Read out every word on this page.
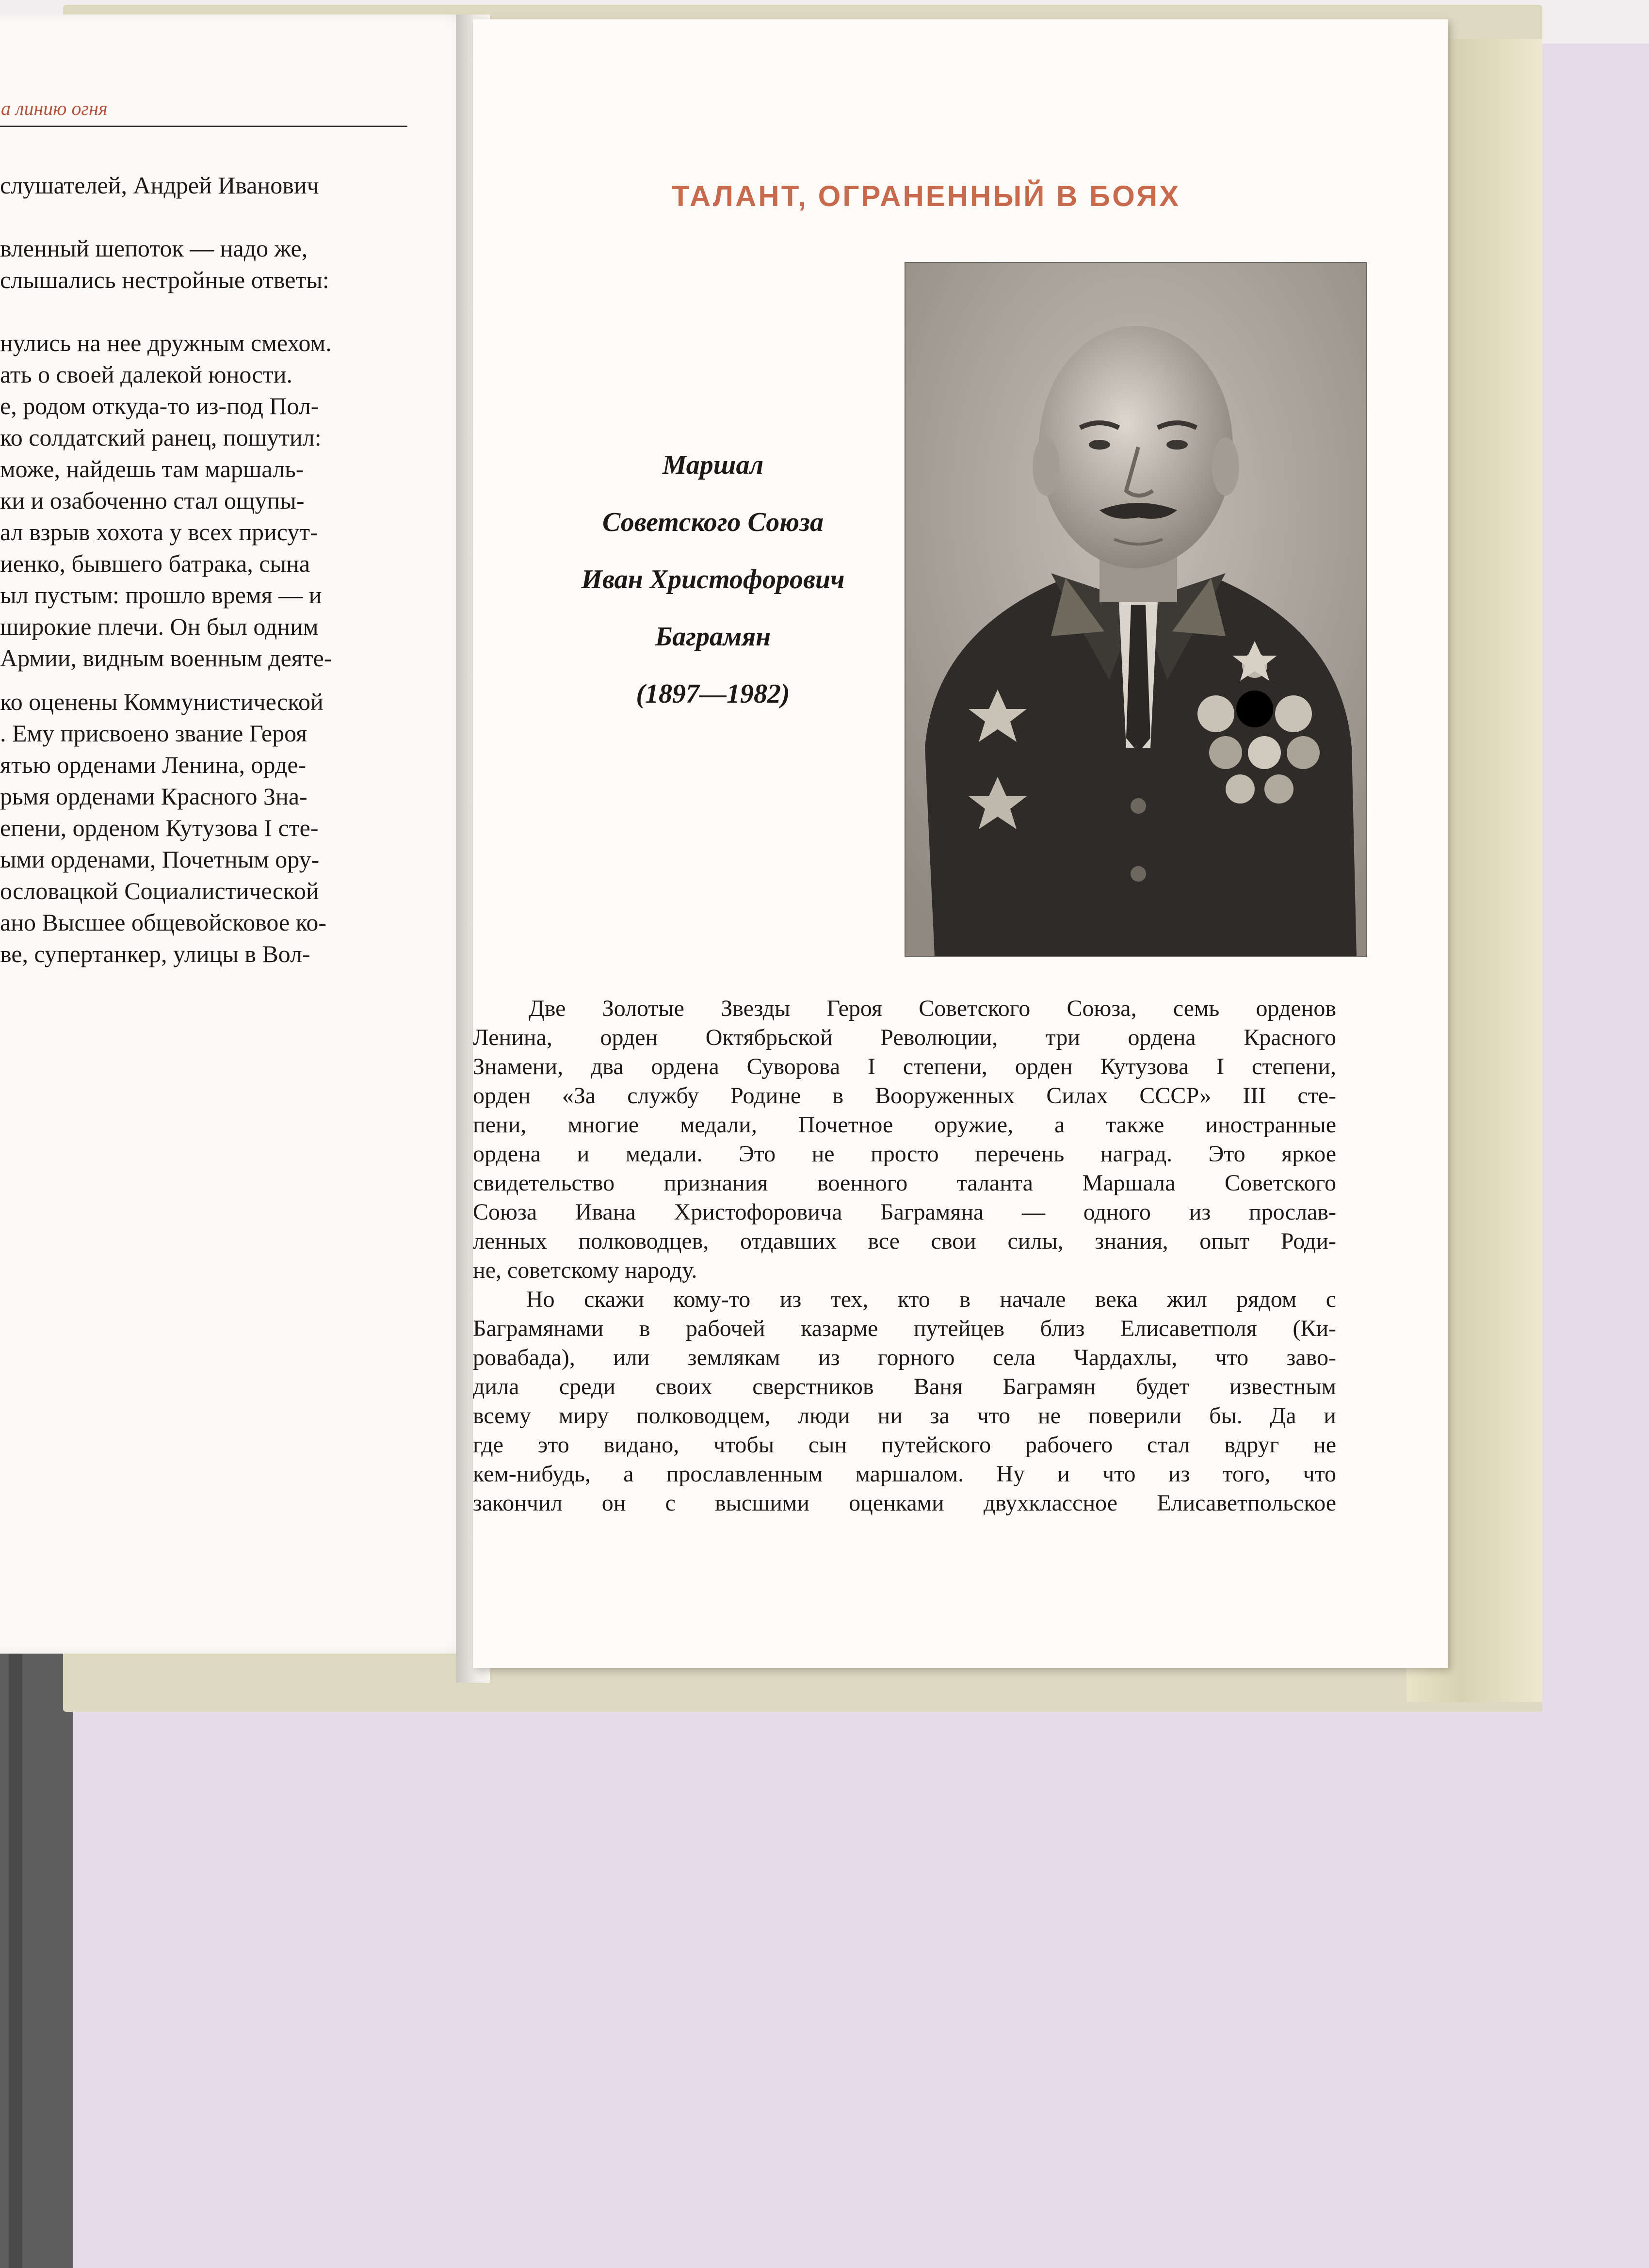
а линию огня
слушателей, Андрей Иванович
вленный шепоток — надо же,
слышались нестройные ответы:
нулись на нее дружным смехом.
ать о своей далекой юности.
е, родом откуда-то из-под Пол-
ко солдатский ранец, пошутил:
може, найдешь там маршаль-
ки и озабоченно стал ощупы-
ал взрыв хохота у всех присут-
иенко, бывшего батрака, сына
ыл пустым: прошло время — и
широкие плечи. Он был одним
Армии, видным военным деяте-
ко оценены Коммунистической
. Ему присвоено звание Героя
ятью орденами Ленина, орде-
рьмя орденами Красного Зна-
епени, орденом Кутузова I сте-
ыми орденами, Почетным ору-
ословацкой Социалистической
ано Высшее общевойсковое ко-
ве, супертанкер, улицы в Вол-
ТАЛАНТ, ОГРАНЕННЫЙ В БОЯХ
Маршал
Советского Союза
Иван Христофорович
Баграмян
(1897—1982)
Две Золотые Звезды Героя Советского Союза, семь орденов
Ленина, орден Октябрьской Революции, три ордена Красного
Знамени, два ордена Суворова I степени, орден Кутузова I степени,
орден «За службу Родине в Вооруженных Силах СССР» III сте-
пени, многие медали, Почетное оружие, а также иностранные
ордена и медали. Это не просто перечень наград. Это яркое
свидетельство признания военного таланта Маршала Советского
Союза Ивана Христофоровича Баграмяна — одного из прослав-
ленных полководцев, отдавших все свои силы, знания, опыт Роди-
не, советскому народу.
Но скажи кому-то из тех, кто в начале века жил рядом с
Баграмянами в рабочей казарме путейцев близ Елисаветполя (Ки-
ровабада), или землякам из горного села Чардахлы, что заво-
дила среди своих сверстников Ваня Баграмян будет известным
всему миру полководцем, люди ни за что не поверили бы. Да и
где это видано, чтобы сын путейского рабочего стал вдруг не
кем-нибудь, а прославленным маршалом. Ну и что из того, что
закончил он с высшими оценками двухклассное Елисаветпольское
